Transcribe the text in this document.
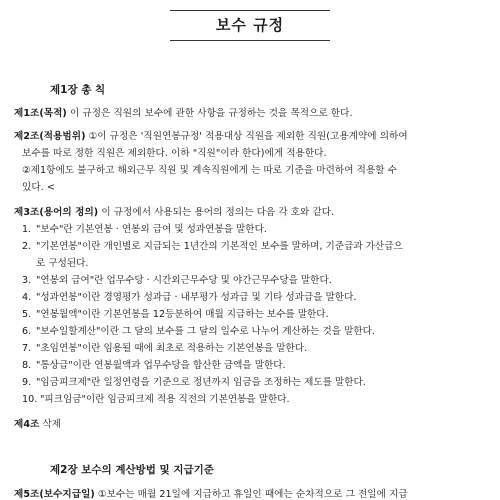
보수 규정
제1장 총 칙
제1조(목적) 이 규정은 직원의 보수에 관한 사항을 규정하는 것을 목적으로 한다.
제2조(적용범위) ①이 규정은 '직원연봉규정' 적용대상 직원을 제외한 직원(고용계약에 의하여
보수를 따로 정한 직원은 제외한다. 이하 "직원"이라 한다)에게 적용한다.
②제1항에도 불구하고 해외근무 직원 및 계속직원에게 는 따로 기준을 마련하여 적용할 수
있다. <
제3조(용어의 정의) 이 규정에서 사용되는 용어의 정의는 다음 각 호와 같다.
1. "보수"란 기본연봉 · 연봉외 급여 및 성과연봉을 말한다.
2. "기본연봉"이란 개인별로 지급되는 1년간의 기본적인 보수를 말하며, 기준급과 가산급으
로 구성된다.
3. "연봉외 급여"란 업무수당 · 시간외근무수당 및 야간근무수당을 말한다.
4. "성과연봉"이란 경영평가 성과급 · 내부평가 성과급 및 기타 성과급을 말한다.
5. "연봉월액"이란 기본연봉을 12등분하여 매월 지급하는 보수를 말한다.
6. "보수일할계산"이란 그 달의 보수를 그 달의 일수로 나누어 계산하는 것을 말한다.
7. "초임연봉"이란 임용될 때에 최초로 적용하는 기본연봉을 말한다.
8. "통상급"이란 연봉월액과 업무수당을 합산한 금액을 말한다.
9. "임금피크제"란 일정연령을 기준으로 정년까지 임금을 조정하는 제도를 말한다.
10. "피크임금"이란 임금피크제 적용 직전의 기본연봉을 말한다.
제4조 삭제
제2장 보수의 계산방법 및 지급기준
제5조(보수지급일) ①보수는 매월 21일에 지급하고 휴일인 때에는 순차적으로 그 전일에 지급
